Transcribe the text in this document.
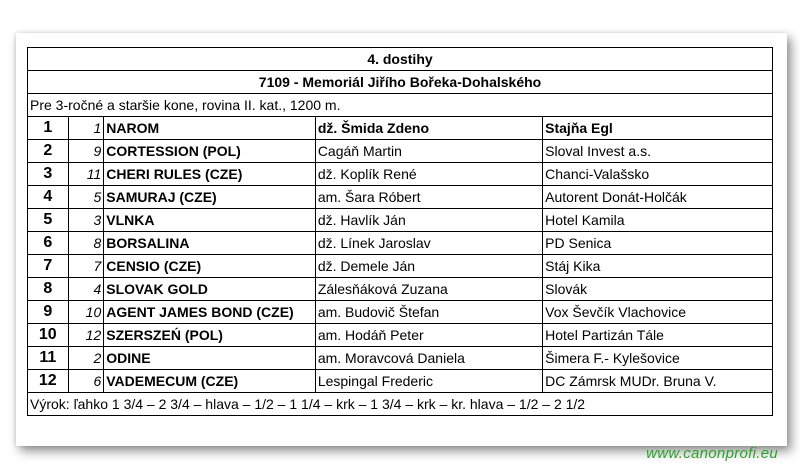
4. dostihy				
7109 - Memoriál Jiřího Bořeka-Dohalského				
Pre 3-ročné a staršie kone, rovina II. kat., 1200 m.				
1	1	NAROM	dž. Šmida Zdeno	Stajňa Egl
2	9	CORTESSION (POL)	Cagáň Martin	Sloval Invest a.s.
3	11	CHERI RULES (CZE)	dž. Koplík René	Chanci-Valašsko
4	5	SAMURAJ (CZE)	am. Šara Róbert	Autorent Donát-Holčák
5	3	VLNKA	dž. Havlík Ján	Hotel Kamila
6	8	BORSALINA	dž. Línek Jaroslav	PD Senica
7	7	CENSIO (CZE)	dž. Demele Ján	Stáj Kika
8	4	SLOVAK GOLD	Zálesňáková Zuzana	Slovák
9	10	AGENT JAMES BOND (CZE)	am. Budovič Štefan	Vox Ševčík Vlachovice
10	12	SZERSZEŃ (POL)	am. Hodáň Peter	Hotel Partizán Tále
11	2	ODINE	am. Moravcová Daniela	Šimera F.- Kylešovice
12	6	VADEMECUM (CZE)	Lespingal Frederic	DC Zámrsk MUDr. Bruna V.
Výrok: ľahko 1 3/4 – 2 3/4 – hlava – 1/2 – 1 1/4 – krk – 1 3/4 – krk – kr. hlava – 1/2 – 2 1/2				
www.canonprofi.eu
